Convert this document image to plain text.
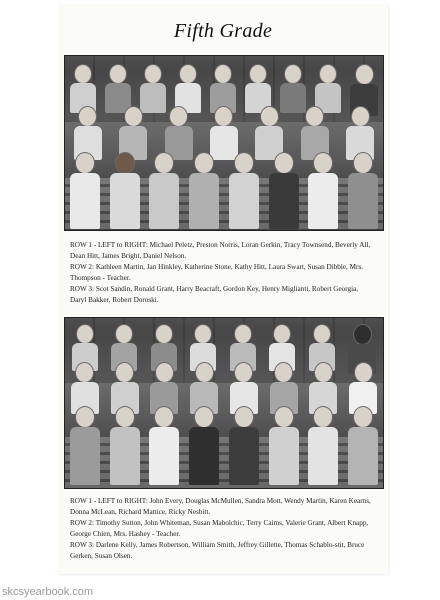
Fifth Grade

ROW 1 - LEFT to RIGHT: Michael Peletz, Preston Norris, Loran Gerkin, Tracy Townsend, Beverly All, Dean Hitt, James Bright, Daniel Nelson.

ROW 2: Kathleen Martin, Jan Hinkley, Katherine Stone, Kathy Hitt, Laura Swart, Susan Dibble, Mrs. Thompson - Teacher.

ROW 3: Scot Sandin, Ronald Grant, Harry Beacraft, Gordon Key, Henry Miglianti, Robert Georgia, Daryl Bakker, Robert Doroski.

ROW 1 - LEFT to RIGHT: John Every, Douglas McMullen, Sandra Mott, Wendy Martin, Karen Kearns, Donna McLean, Richard Mattice, Ricky Nesbitt.

ROW 2: Timothy Sutton, John Whiteman, Susan Mabolchic, Terry Caims, Valerie Grant, Albert Knapp, George Chien, Mrs. Hashey - Teacher.

ROW 3: Darlene Kelly, James Robertson, William Smith, Jeffrey Gillette, Thomas Schablo-stit, Bruce Gerken, Susan Olsen.

skcsyearbook.com
